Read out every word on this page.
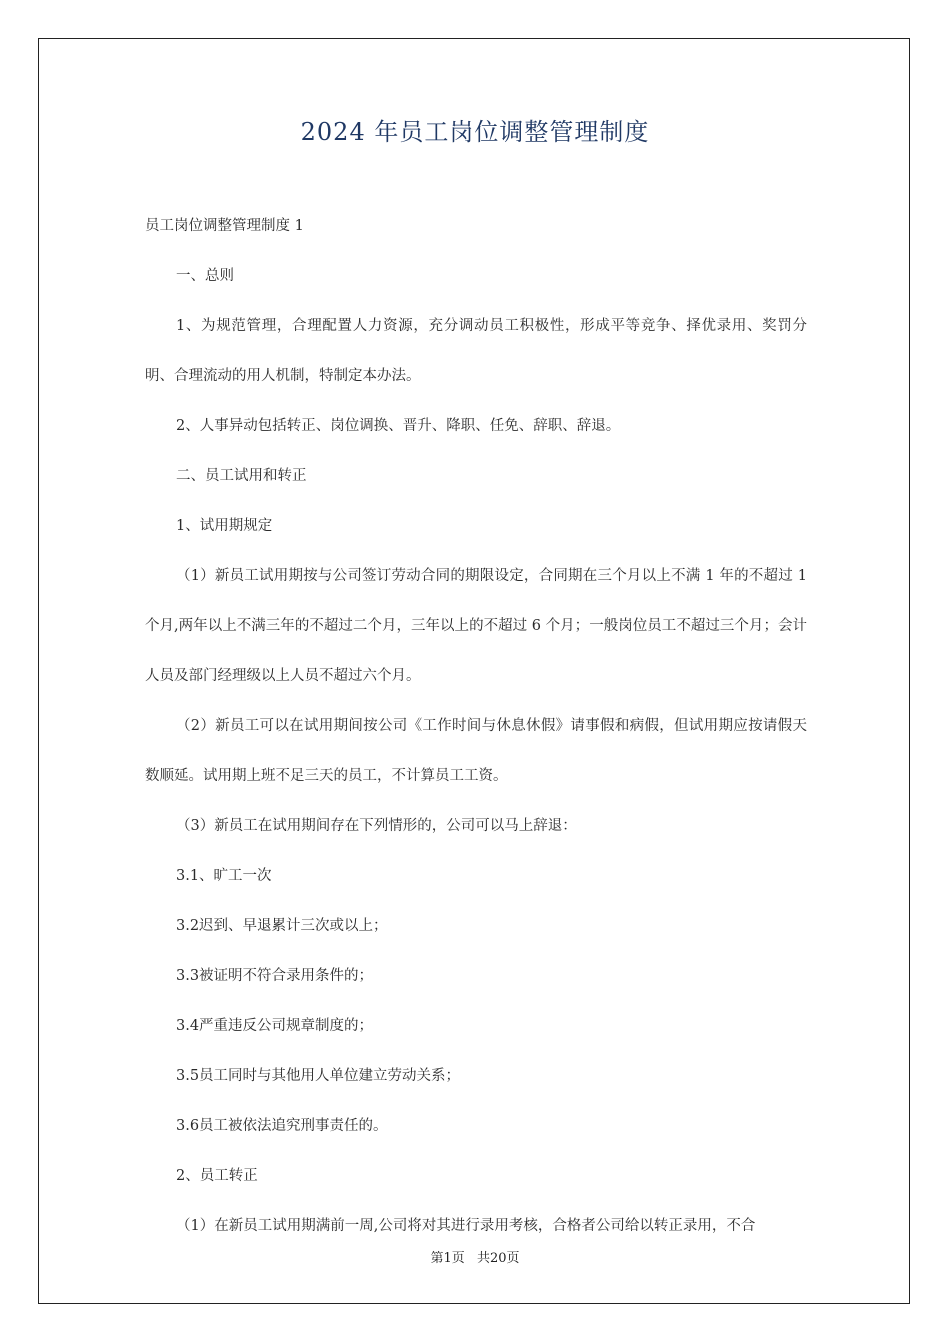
2024 年员工岗位调整管理制度

员工岗位调整管理制度 1

一、总则

1、为规范管理，合理配置人力资源，充分调动员工积极性，形成平等竞争、择优录用、奖罚分明、合理流动的用人机制，特制定本办法。

2、人事异动包括转正、岗位调换、晋升、降职、任免、辞职、辞退。

二、员工试用和转正

1、试用期规定

（1）新员工试用期按与公司签订劳动合同的期限设定，合同期在三个月以上不满 1 年的不超过 1 个月,两年以上不满三年的不超过二个月，三年以上的不超过 6 个月；一般岗位员工不超过三个月；会计人员及部门经理级以上人员不超过六个月。

（2）新员工可以在试用期间按公司《工作时间与休息休假》请事假和病假，但试用期应按请假天数顺延。试用期上班不足三天的员工，不计算员工工资。

（3）新员工在试用期间存在下列情形的，公司可以马上辞退：

3.1、旷工一次

3.2迟到、早退累计三次或以上；

3.3被证明不符合录用条件的；

3.4严重违反公司规章制度的；

3.5员工同时与其他用人单位建立劳动关系；

3.6员工被依法追究刑事责任的。

2、员工转正

（1）在新员工试用期满前一周,公司将对其进行录用考核，合格者公司给以转正录用，不合

第1页 共20页
